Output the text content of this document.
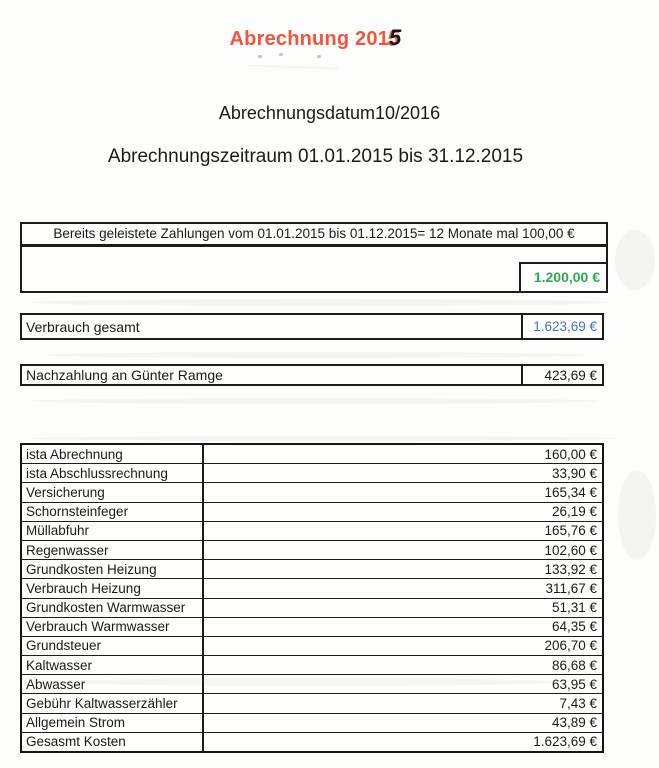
Abrechnung 2015
Abrechnungsdatum10/2016
Abrechnungszeitraum 01.01.2015 bis 31.12.2015
Bereits geleistete Zahlungen vom 01.01.2015 bis 01.12.2015= 12 Monate mal 100,00 €
1.200,00 €
Verbrauch gesamt	1.623,69 €
Nachzahlung an Günter Ramge	423,69 €
ista Abrechnung	160,00 €
ista Abschlussrechnung	33,90 €
Versicherung	165,34 €
Schornsteinfeger	26,19 €
Müllabfuhr	165,76 €
Regenwasser	102,60 €
Grundkosten Heizung	133,92 €
Verbrauch Heizung	311,67 €
Grundkosten Warmwasser	51,31 €
Verbrauch Warmwasser	64,35 €
Grundsteuer	206,70 €
Kaltwasser	86,68 €
Abwasser	63,95 €
Gebühr Kaltwasserzähler	7,43 €
Allgemein Strom	43,89 €
Gesasmt Kosten	1.623,69 €
